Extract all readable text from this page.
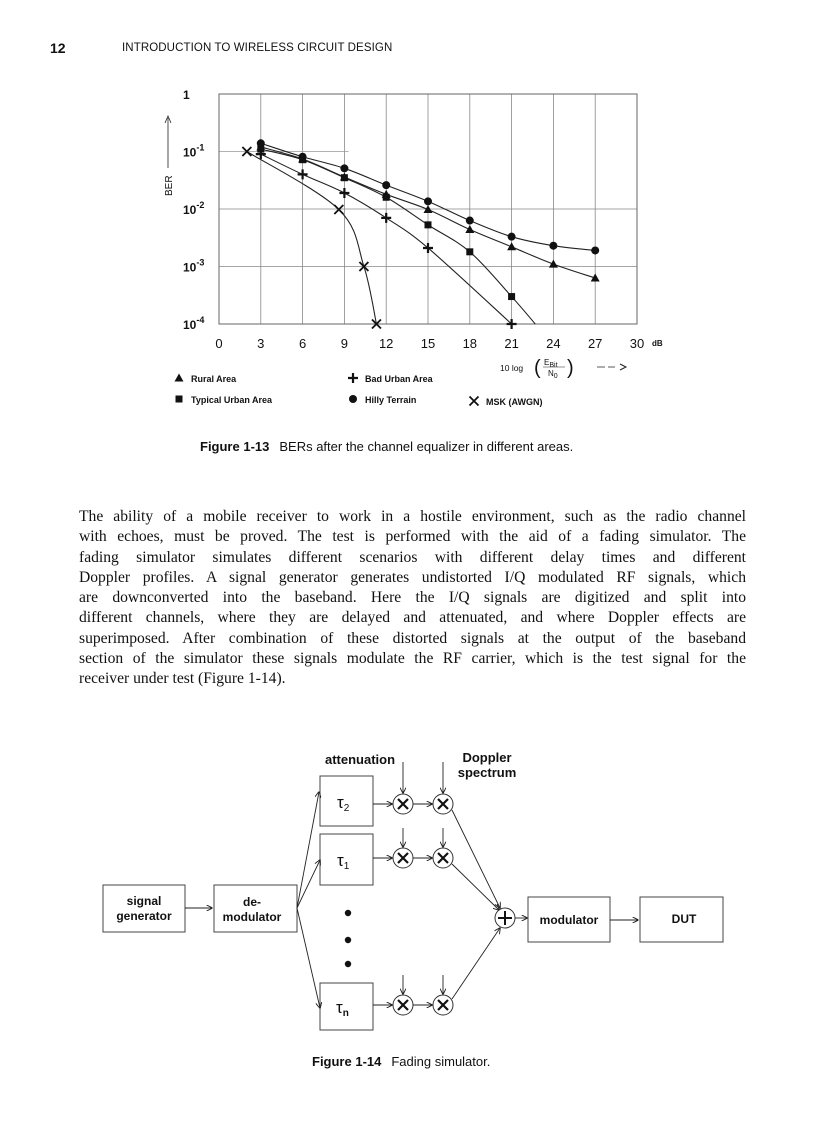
12	INTRODUCTION TO WIRELESS CIRCUIT DESIGN
0	3	6	9 12 15 18 21 24 27 30 dB
1
$10^{-1}$
$10^{-2}$
$10^{-3}$
$10^{-4}$
BER
10 log ( EBit
N0 )
Rural Area	Bad Urban Area
Typical Urban Area	Hilly Terrain	MSK (AWGN)
Figure 1-13 BERs after the channel equalizer in different areas.
The ability of a mobile receiver to work in a hostile environment, such as the radio channel
with echoes, must be proved. The test is performed with the aid of a fading simulator. The
fading simulator simulates different scenarios with different delay times and different
Doppler profiles. A signal generator generates undistorted I/Q modulated RF signals, which
are downconverted into the baseband. Here the I/Q signals are digitized and split into
different channels, where they are delayed and attenuated, and where Doppler effects are
superimposed. After combination of these distorted signals at the output of the baseband
section of the simulator these signals modulate the RF carrier, which is the test signal for the
receiver under test (Figure 1-14).
signal
generator
de-
modulator	modulator	DUT
attenuation	Doppler
spectrum
τ2
τ1
τn
Figure 1-14 Fading simulator.
